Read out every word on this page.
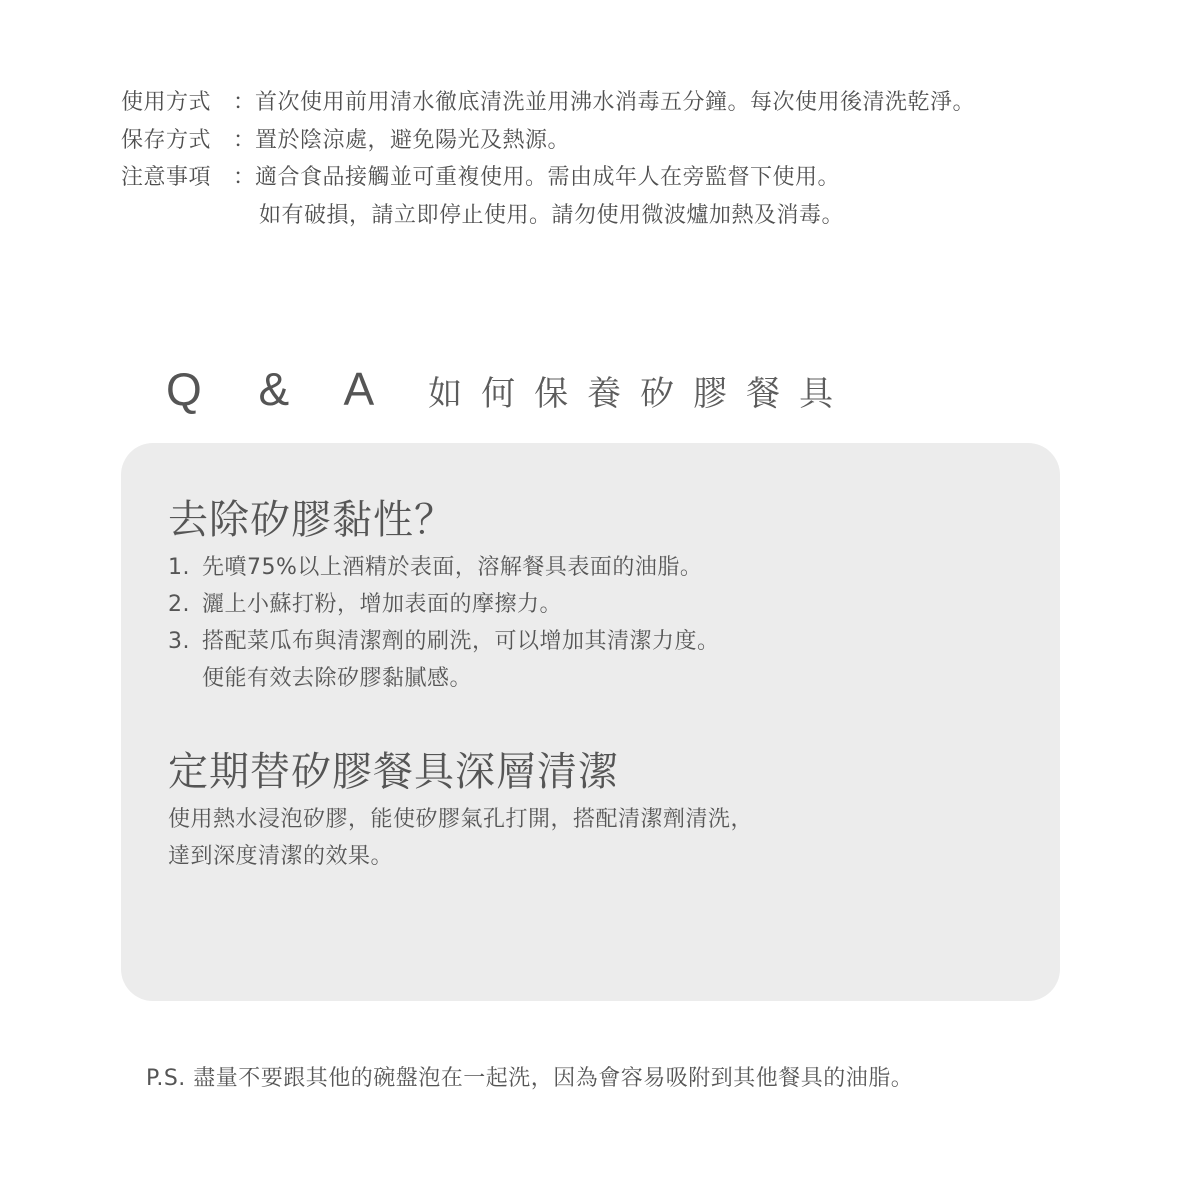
使用方式 ： 首次使用前用清水徹底清洗並用沸水消毒五分鐘。每次使用後清洗乾淨。
保存方式 ： 置於陰涼處，避免陽光及熱源。
注意事項 ： 適合食品接觸並可重複使用。需由成年人在旁監督下使用。
如有破損，請立即停止使用。請勿使用微波爐加熱及消毒。
Q & A 如何保養矽膠餐具
去除矽膠黏性？
1. 先噴75%以上酒精於表面，溶解餐具表面的油脂。
2. 灑上小蘇打粉，增加表面的摩擦力。
3. 搭配菜瓜布與清潔劑的刷洗，可以增加其清潔力度。
便能有效去除矽膠黏膩感。
定期替矽膠餐具深層清潔
使用熱水浸泡矽膠，能使矽膠氣孔打開，搭配清潔劑清洗，
達到深度清潔的效果。
P.S. 盡量不要跟其他的碗盤泡在一起洗，因為會容易吸附到其他餐具的油脂。
